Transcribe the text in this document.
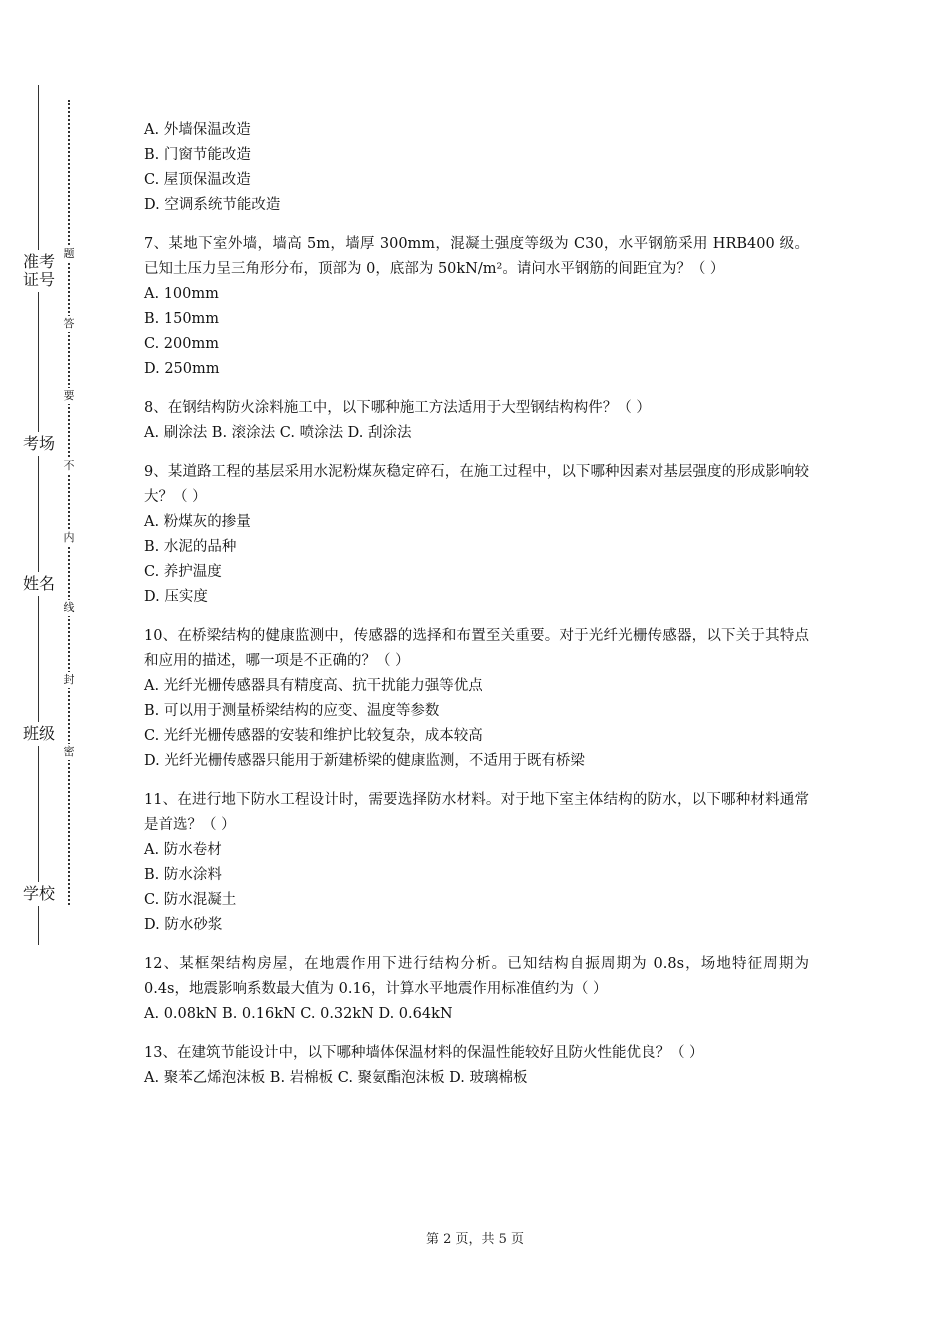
准考证号
考场
姓名
班级
学校
题
答
要
不
内
线
封
密

A. 外墙保温改造

B. 门窗节能改造

C. 屋顶保温改造

D. 空调系统节能改造

7、某地下室外墙，墙高 5m，墙厚 300mm，混凝土强度等级为 C30，水平钢筋采用 HRB400 级。已知土压力呈三角形分布，顶部为 0，底部为 50kN/m²。请问水平钢筋的间距宜为？（ ）

A. 100mm

B. 150mm

C. 200mm

D. 250mm

8、在钢结构防火涂料施工中，以下哪种施工方法适用于大型钢结构构件？（ ）

A. 刷涂法 B. 滚涂法 C. 喷涂法 D. 刮涂法

9、某道路工程的基层采用水泥粉煤灰稳定碎石，在施工过程中，以下哪种因素对基层强度的形成影响较大？（ ）

A. 粉煤灰的掺量

B. 水泥的品种

C. 养护温度

D. 压实度

10、在桥梁结构的健康监测中，传感器的选择和布置至关重要。对于光纤光栅传感器，以下关于其特点和应用的描述，哪一项是不正确的？（ ）

A. 光纤光栅传感器具有精度高、抗干扰能力强等优点

B. 可以用于测量桥梁结构的应变、温度等参数

C. 光纤光栅传感器的安装和维护比较复杂，成本较高

D. 光纤光栅传感器只能用于新建桥梁的健康监测，不适用于既有桥梁

11、在进行地下防水工程设计时，需要选择防水材料。对于地下室主体结构的防水，以下哪种材料通常是首选？（ ）

A. 防水卷材

B. 防水涂料

C. 防水混凝土

D. 防水砂浆

12、某框架结构房屋，在地震作用下进行结构分析。已知结构自振周期为 0.8s，场地特征周期为 0.4s，地震影响系数最大值为 0.16，计算水平地震作用标准值约为（ ）

A. 0.08kN B. 0.16kN C. 0.32kN D. 0.64kN

13、在建筑节能设计中，以下哪种墙体保温材料的保温性能较好且防火性能优良？（ ）

A. 聚苯乙烯泡沫板 B. 岩棉板 C. 聚氨酯泡沫板 D. 玻璃棉板

第 2 页，共 5 页
